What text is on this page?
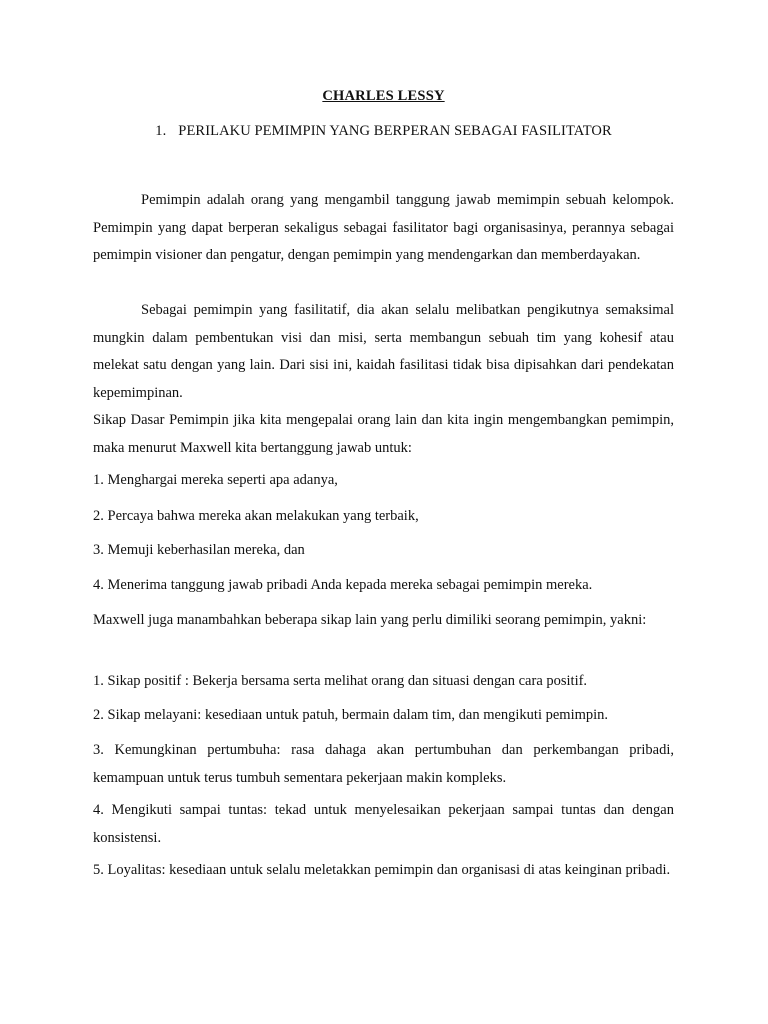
CHARLES LESSY
1. PERILAKU PEMIMPIN YANG BERPERAN SEBAGAI FASILITATOR
Pemimpin adalah orang yang mengambil tanggung jawab memimpin sebuah kelompok. Pemimpin yang dapat berperan sekaligus sebagai fasilitator bagi organisasinya, perannya sebagai pemimpin visioner dan pengatur, dengan pemimpin yang mendengarkan dan memberdayakan.
Sebagai pemimpin yang fasilitatif, dia akan selalu melibatkan pengikutnya semaksimal mungkin dalam pembentukan visi dan misi, serta membangun sebuah tim yang kohesif atau melekat satu dengan yang lain. Dari sisi ini, kaidah fasilitasi tidak bisa dipisahkan dari pendekatan kepemimpinan.
Sikap Dasar Pemimpin jika kita mengepalai orang lain dan kita ingin mengembangkan pemimpin, maka menurut Maxwell kita bertanggung jawab untuk:
1. Menghargai mereka seperti apa adanya,
2. Percaya bahwa mereka akan melakukan yang terbaik,
3. Memuji keberhasilan mereka, dan
4. Menerima tanggung jawab pribadi Anda kepada mereka sebagai pemimpin mereka.
Maxwell juga manambahkan beberapa sikap lain yang perlu dimiliki seorang pemimpin, yakni:
1. Sikap positif : Bekerja bersama serta melihat orang dan situasi dengan cara positif.
2. Sikap melayani: kesediaan untuk patuh, bermain dalam tim, dan mengikuti pemimpin.
3. Kemungkinan pertumbuha: rasa dahaga akan pertumbuhan dan perkembangan pribadi, kemampuan untuk terus tumbuh sementara pekerjaan makin kompleks.
4. Mengikuti sampai tuntas: tekad untuk menyelesaikan pekerjaan sampai tuntas dan dengan konsistensi.
5. Loyalitas: kesediaan untuk selalu meletakkan pemimpin dan organisasi di atas keinginan pribadi.
